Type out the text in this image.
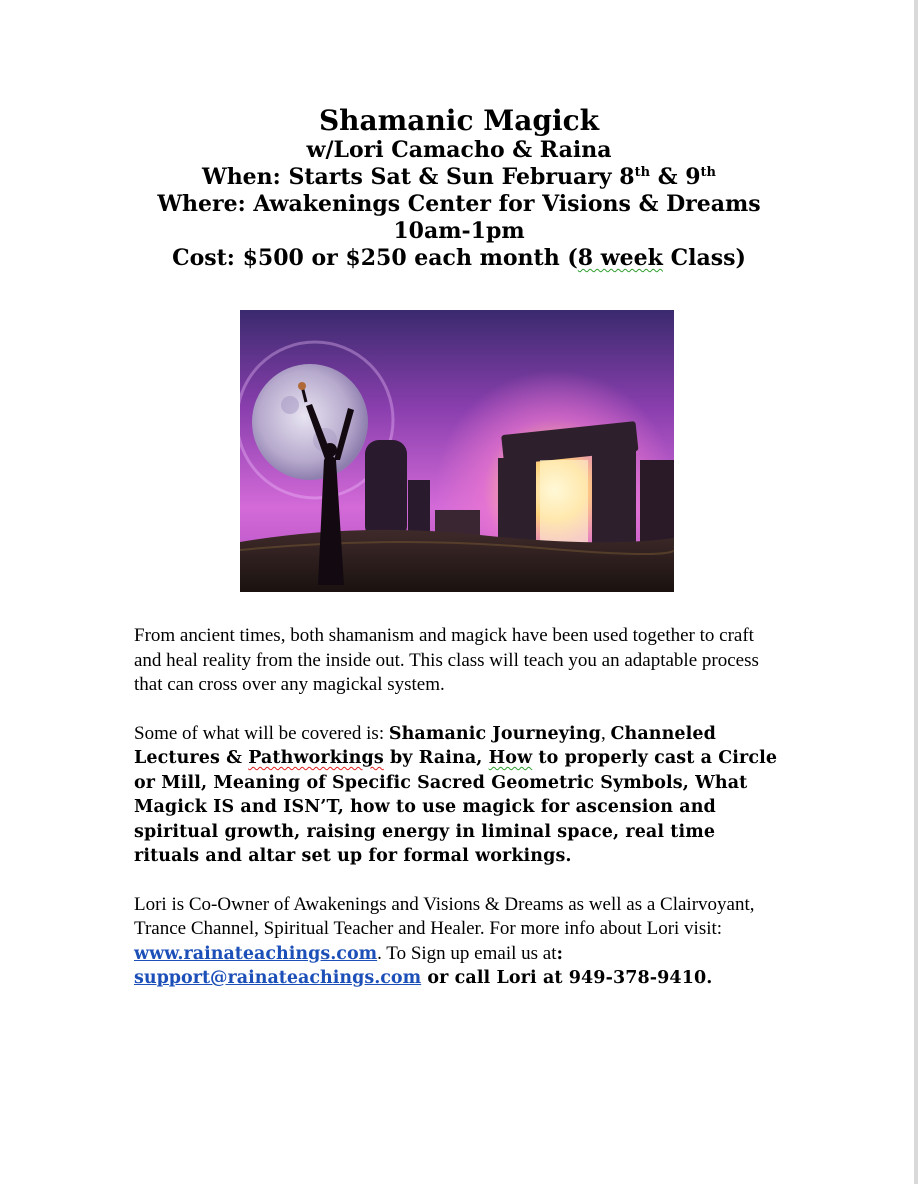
Shamanic Magick
w/Lori Camacho & Raina
When: Starts Sat & Sun February 8th & 9th
Where: Awakenings Center for Visions & Dreams
10am-1pm
Cost: $500 or $250 each month (8 week Class)

From ancient times, both shamanism and magick have been used together to craft and heal reality from the inside out. This class will teach you an adaptable process that can cross over any magickal system.

Some of what will be covered is: Shamanic Journeying, Channeled Lectures & Pathworkings by Raina, How to properly cast a Circle or Mill, Meaning of Specific Sacred Geometric Symbols, What Magick IS and ISN’T, how to use magick for ascension and spiritual growth, raising energy in liminal space, real time rituals and altar set up for formal workings.

Lori is Co-Owner of Awakenings and Visions & Dreams as well as a Clairvoyant, Trance Channel, Spiritual Teacher and Healer. For more info about Lori visit: www.rainateachings.com. To Sign up email us at: support@rainateachings.com or call Lori at 949-378-9410.
